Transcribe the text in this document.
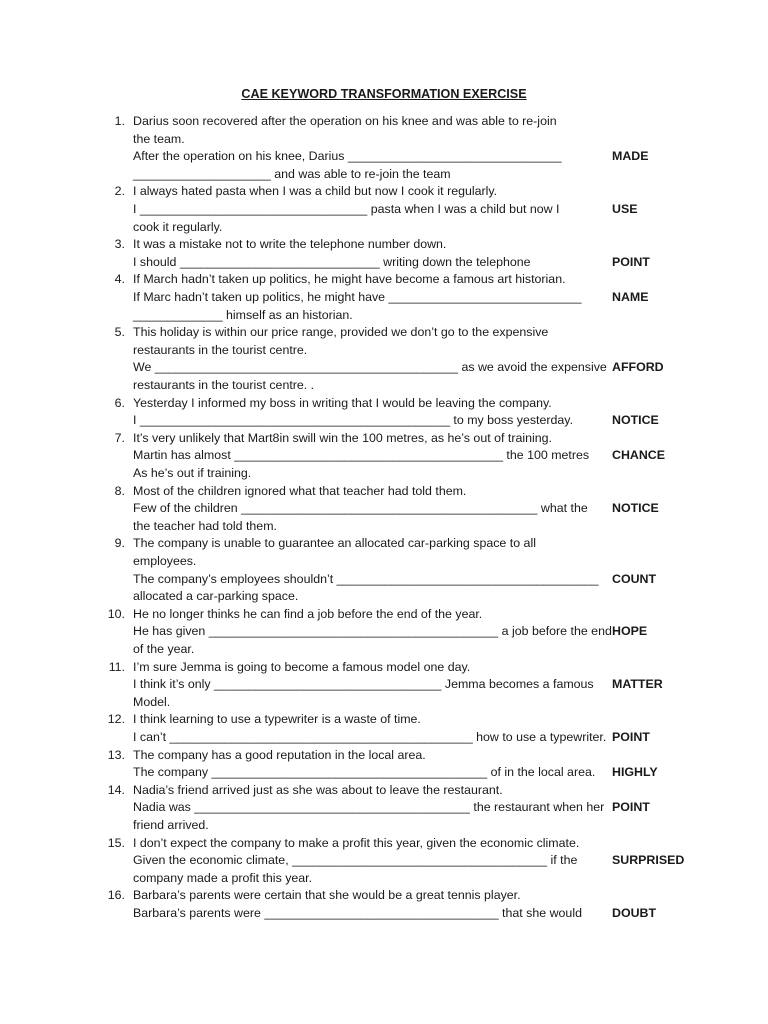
CAE KEYWORD TRANSFORMATION EXERCISE
1. Darius soon recovered after the operation on his knee and was able to re-join
the team.
After the operation on his knee, Darius _______________________________
____________________ and was able to re-join the team
MADE
2. I always hated pasta when I was a child but now I cook it regularly.
I _________________________________ pasta when I was a child but now I
cook it regularly.
USE
3. It was a mistake not to write the telephone number down.
I should _____________________________ writing down the telephone	POINT
4. If March hadn’t taken up politics, he might have become a famous art historian.
If Marc hadn’t taken up politics, he might have ____________________________
_____________ himself as an historian.
NAME
5. This holiday is within our price range, provided we don’t go to the expensive
restaurants in the tourist centre.
We ____________________________________________ as we avoid the expensive
restaurants in the tourist centre. .
AFFORD
6. Yesterday I informed my boss in writing that I would be leaving the company.
I _____________________________________________ to my boss yesterday.	NOTICE
7. It’s very unlikely that Mart8in swill win the 100 metres, as he’s out of training.
Martin has almost _______________________________________ the 100 metres
As he’s out if training.
CHANCE
8. Most of the children ignored what that teacher had told them.
Few of the children ___________________________________________ what the
the teacher had told them.
NOTICE
9. The company is unable to guarantee an allocated car-parking space to all
employees.
The company’s employees shouldn’t ______________________________________
allocated a car-parking space.
COUNT
10. He no longer thinks he can find a job before the end of the year.
He has given __________________________________________ a job before the end
of the year.
HOPE
11. I’m sure Jemma is going to become a famous model one day.
I think it’s only _________________________________ Jemma becomes a famous
Model.
MATTER
12. I think learning to use a typewriter is a waste of time.
I can’t ____________________________________________ how to use a typewriter. POINT
13. The company has a good reputation in the local area.
The company ________________________________________ of in the local area. HIGHLY
14. Nadia’s friend arrived just as she was about to leave the restaurant.
Nadia was ________________________________________ the restaurant when her
friend arrived.
POINT
15. I don’t expect the company to make a profit this year, given the economic climate.
Given the economic climate, _____________________________________ if the
company made a profit this year.
SURPRISED
16. Barbara’s parents were certain that she would be a great tennis player.
Barbara’s parents were __________________________________ that she would DOUBT
